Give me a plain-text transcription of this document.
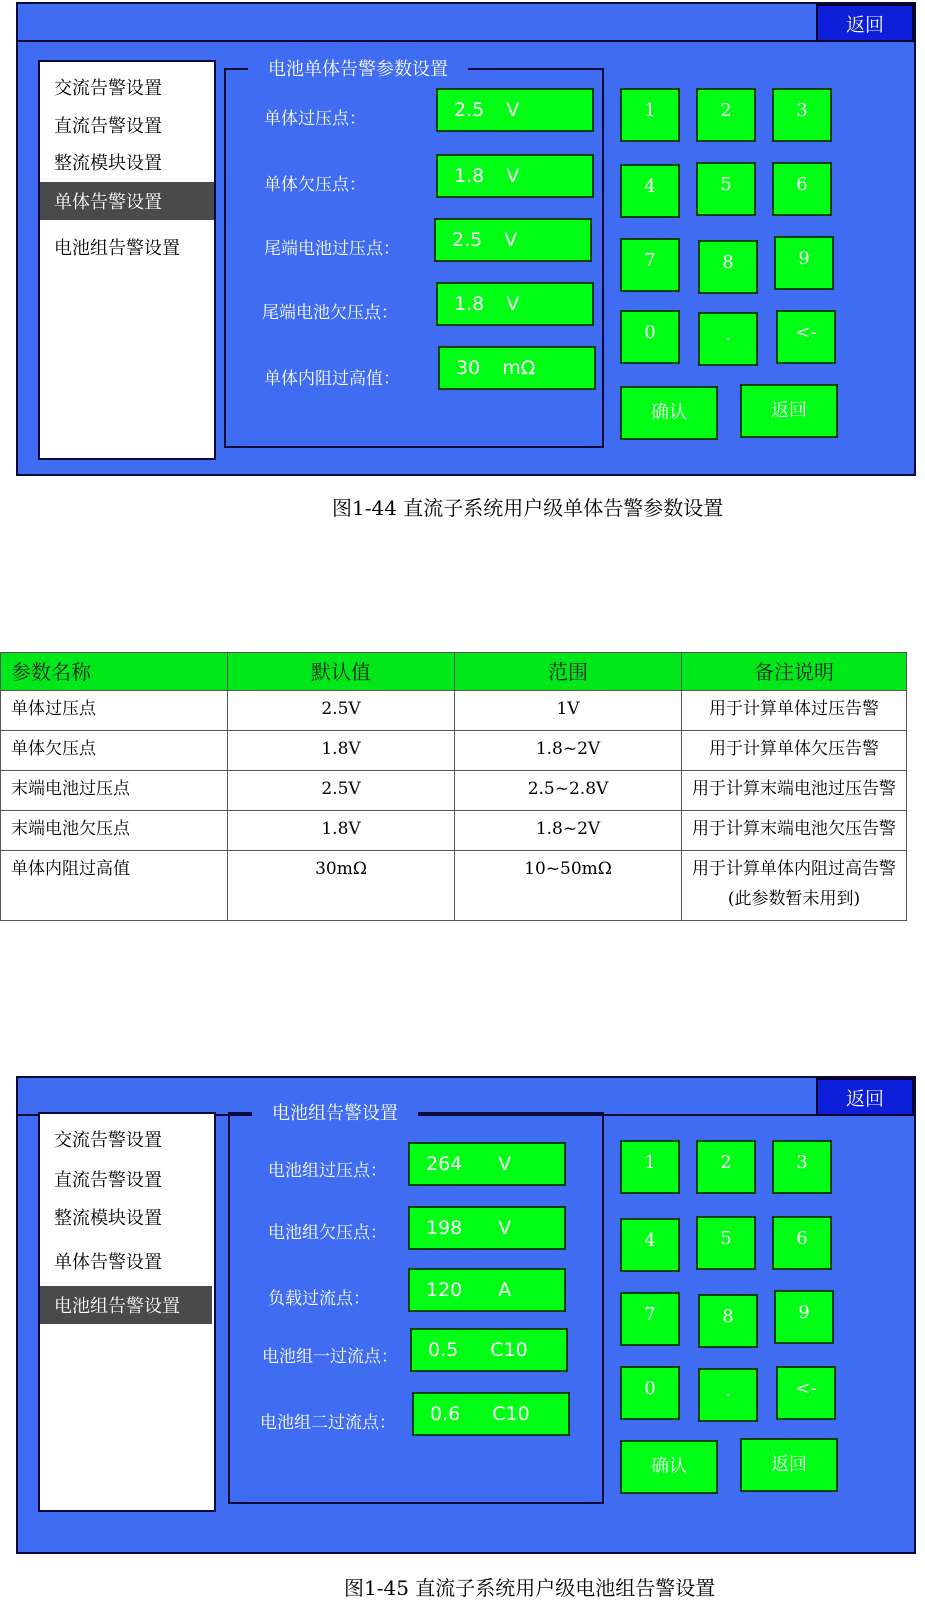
返回
交流告警设置
直流告警设置
整流模块设置
单体告警设置
电池组告警设置
电池单体告警参数设置
单体过压点：	2.5 V
单体欠压点：	1.8 V
尾端电池过压点：	2.5 V
尾端电池欠压点：	1.8 V
单体内阻过高值：	30 mΩ
1	2	3
4	5	6
7	8	9
0	.	<-
确认	返回
图1-44 直流子系统用户级单体告警参数设置
参数名称	默认值	范围	备注说明
单体过压点	2.5V	1V	用于计算单体过压告警
单体欠压点	1.8V	1.8~2V	用于计算单体欠压告警
末端电池过压点	2.5V	2.5~2.8V	用于计算末端电池过压告警
末端电池欠压点	1.8V	1.8~2V	用于计算末端电池欠压告警
单体内阻过高值	30mΩ	10~50mΩ	用于计算单体内阻过高告警(此参数暂未用到)
返回
交流告警设置
直流告警设置
整流模块设置
单体告警设置
电池组告警设置
电池组告警设置
电池组过压点： 264 V
电池组欠压点： 198 V
负载过流点：	120 A
电池组一过流点： 0.5 C10
电池组二过流点： 0.6 C10
1	2	3
4	5	6
7	8	9
0	.	<-
确认	返回
图1-45 直流子系统用户级电池组告警设置
